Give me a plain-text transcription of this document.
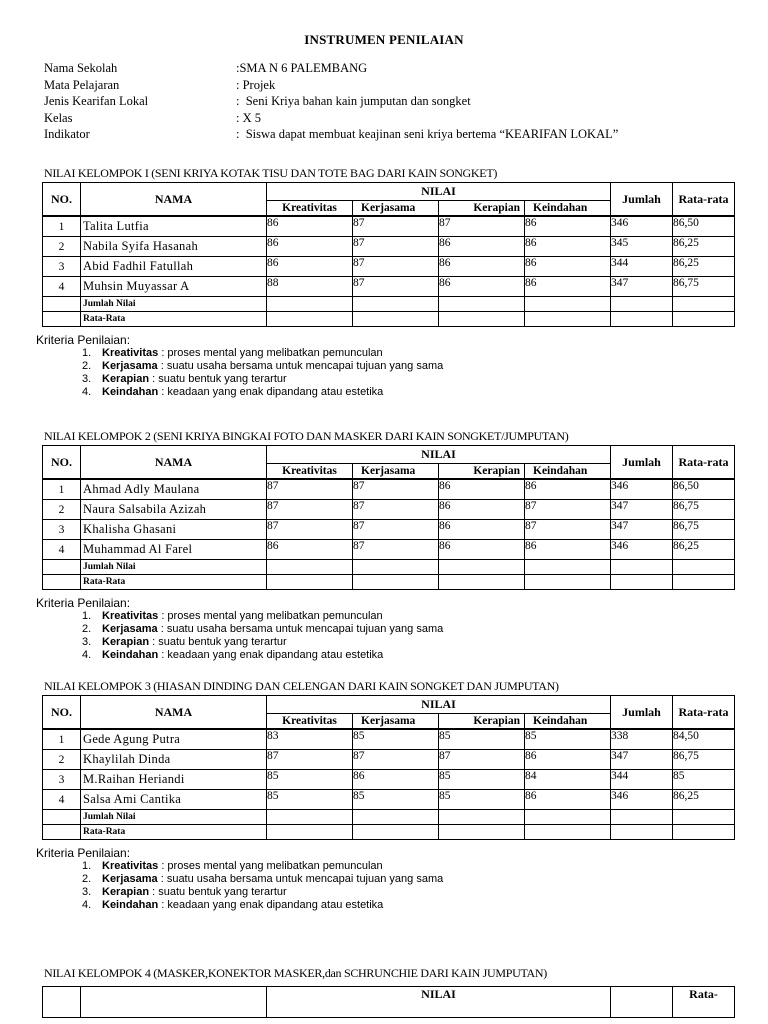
INSTRUMEN PENILAIAN
Nama Sekolah	:SMA N 6 PALEMBANG
Mata Pelajaran	: Projek
Jenis Kearifan Lokal	:  Seni Kriya bahan kain jumputan dan songket
Kelas	: X 5
Indikator	:  Siswa dapat membuat keajinan seni kriya bertema “KEARIFAN LOKAL”
NILAI KELOMPOK I (SENI KRIYA KOTAK TISU DAN TOTE BAG DARI KAIN SONGKET)
NO.	NAMA	NILAI				Jumlah	Rata-rata
		Kreativitas	Kerjasama	Kerapian	Keindahan		
1	Talita Lutfia	86	87	87	86	346	86,50
2	Nabila Syifa Hasanah	86	87	86	86	345	86,25
3	Abid Fadhil Fatullah	86	87	86	86	344	86,25
4	Muhsin Muyassar A	88	87	86	86	347	86,75
	Jumlah Nilai						
	Rata-Rata						
Kriteria Penilaian:
1. Kreativitas : proses mental yang melibatkan pemunculan
2. Kerjasama : suatu usaha bersama untuk mencapai tujuan yang sama
3. Kerapian : suatu bentuk yang terartur
4. Keindahan : keadaan yang enak dipandang atau estetika
NILAI KELOMPOK 2 (SENI KRIYA BINGKAI FOTO DAN MASKER DARI KAIN SONGKET/JUMPUTAN)
NO.	NAMA	NILAI				Jumlah	Rata-rata
		Kreativitas	Kerjasama	Kerapian	Keindahan		
1	Ahmad Adly Maulana	87	87	86	86	346	86,50
2	Naura Salsabila Azizah	87	87	86	87	347	86,75
3	Khalisha Ghasani	87	87	86	87	347	86,75
4	Muhammad Al Farel	86	87	86	86	346	86,25
	Jumlah Nilai						
	Rata-Rata						
Kriteria Penilaian:
1. Kreativitas : proses mental yang melibatkan pemunculan
2. Kerjasama : suatu usaha bersama untuk mencapai tujuan yang sama
3. Kerapian : suatu bentuk yang terartur
4. Keindahan : keadaan yang enak dipandang atau estetika
NILAI KELOMPOK 3 (HIASAN DINDING DAN CELENGAN DARI KAIN SONGKET DAN JUMPUTAN)
NO.	NAMA	NILAI				Jumlah	Rata-rata
		Kreativitas	Kerjasama	Kerapian	Keindahan		
1	Gede Agung Putra	83	85	85	85	338	84,50
2	Khaylilah Dinda	87	87	87	86	347	86,75
3	M.Raihan Heriandi	85	86	85	84	344	85
4	Salsa Ami Cantika	85	85	85	86	346	86,25
	Jumlah Nilai						
	Rata-Rata						
Kriteria Penilaian:
1. Kreativitas : proses mental yang melibatkan pemunculan
2. Kerjasama : suatu usaha bersama untuk mencapai tujuan yang sama
3. Kerapian : suatu bentuk yang terartur
4. Keindahan : keadaan yang enak dipandang atau estetika
NILAI KELOMPOK 4 (MASKER,KONEKTOR MASKER,dan SCHRUNCHIE DARI KAIN JUMPUTAN)
		NILAI		Rata-
